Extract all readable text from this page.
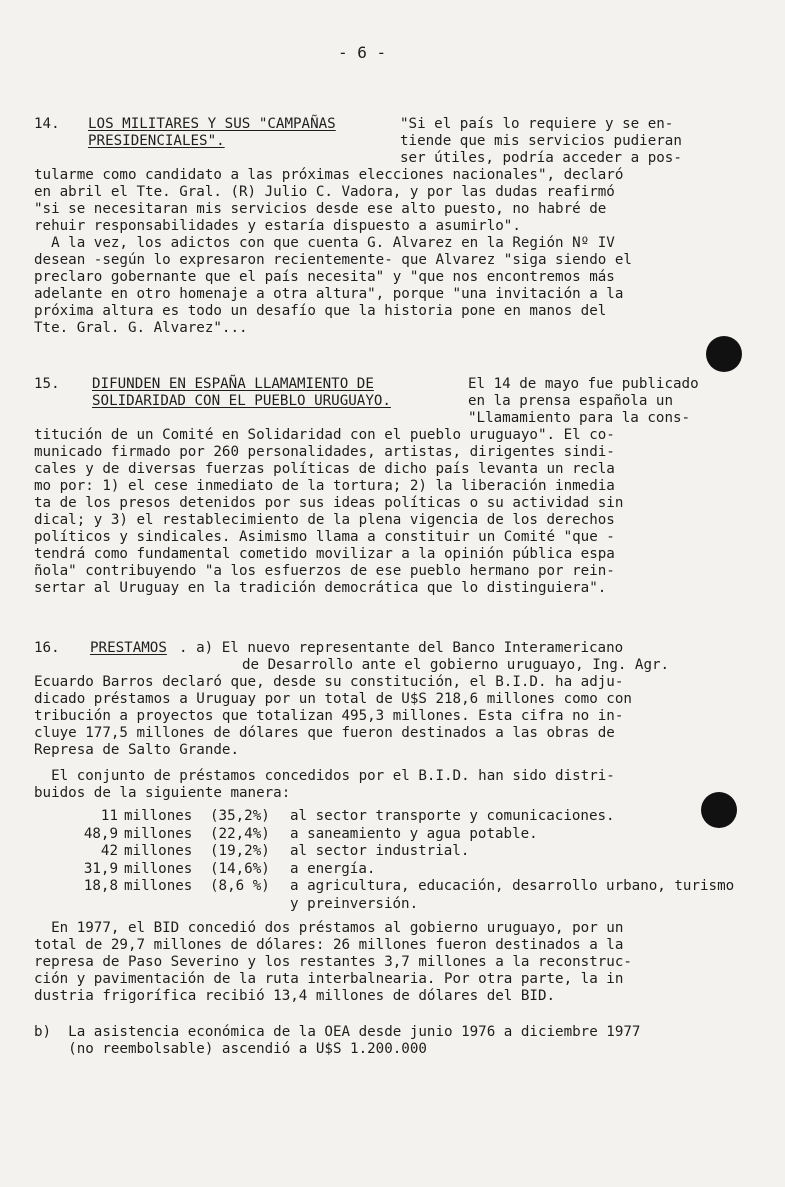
- 6 -
14. LOS MILITARES Y SUS "CAMPAÑAS
PRESIDENCIALES".
"Si el país lo requiere y se en-
tiende que mis servicios pudieran
ser útiles, podría acceder a pos-
tularme como candidato a las próximas elecciones nacionales", declaró
en abril el Tte. Gral. (R) Julio C. Vadora, y por las dudas reafirmó
"si se necesitaran mis servicios desde ese alto puesto, no habré de
rehuir responsabilidades y estaría dispuesto a asumirlo".
A la vez, los adictos con que cuenta G. Alvarez en la Región Nº IV
desean -según lo expresaron recientemente- que Alvarez "siga siendo el
preclaro gobernante que el país necesita" y "que nos encontremos más
adelante en otro homenaje a otra altura", porque "una invitación a la
próxima altura es todo un desafío que la historia pone en manos del
Tte. Gral. G. Alvarez"...
15. DIFUNDEN EN ESPAÑA LLAMAMIENTO DE
SOLIDARIDAD CON EL PUEBLO URUGUAYO.
El 14 de mayo fue publicado
en la prensa española un
"Llamamiento para la cons-
titución de un Comité en Solidaridad con el pueblo uruguayo". El co-
municado firmado por 260 personalidades, artistas, dirigentes sindi-
cales y de diversas fuerzas políticas de dicho país levanta un recla
mo por: 1) el cese inmediato de la tortura; 2) la liberación inmedia
ta de los presos detenidos por sus ideas políticas o su actividad sin
dical; y 3) el restablecimiento de la plena vigencia de los derechos
políticos y sindicales. Asimismo llama a constituir un Comité "que -
tendrá como fundamental cometido movilizar a la opinión pública espa
ñola" contribuyendo "a los esfuerzos de ese pueblo hermano por rein-
sertar al Uruguay en la tradición democrática que lo distinguiera".
16. PRESTAMOS . a) El nuevo representante del Banco Interamericano
de Desarrollo ante el gobierno uruguayo, Ing. Agr.
Ecuardo Barros declaró que, desde su constitución, el B.I.D. ha adju-
dicado préstamos a Uruguay por un total de U$S 218,6 millones como con
tribución a proyectos que totalizan 495,3 millones. Esta cifra no in-
cluye 177,5 millones de dólares que fueron destinados a las obras de
Represa de Salto Grande.
El conjunto de préstamos concedidos por el B.I.D. han sido distri-
buidos de la siguiente manera:
11 millones	(35,2%)	al sector transporte y comunicaciones.
48,9 millones	(22,4%)	a saneamiento y agua potable.
42 millones	(19,2%)	al sector industrial.
31,9 millones	(14,6%)	a energía.
18,8 millones	(8,6 %)	a agricultura, educación, desarrollo urbano, turismo y preinversión.
En 1977, el BID concedió dos préstamos al gobierno uruguayo, por un
total de 29,7 millones de dólares: 26 millones fueron destinados a la
represa de Paso Severino y los restantes 3,7 millones a la reconstruc-
ción y pavimentación de la ruta interbalnearia. Por otra parte, la in
dustria frigorífica recibió 13,4 millones de dólares del BID.
b)  La asistencia económica de la OEA desde junio 1976 a diciembre 1977
(no reembolsable) ascendió a U$S 1.200.000
